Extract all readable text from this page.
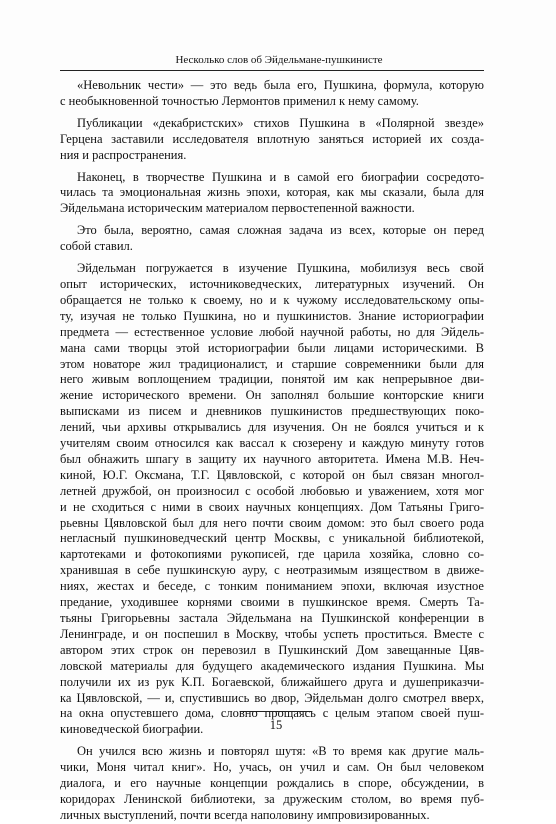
Несколько слов об Эйдельмане-пушкинисте
«Невольник чести» — это ведь была его, Пушкина, формула, которую
с необыкновенной точностью Лермонтов применил к нему самому.
Публикации «декабристских» стихов Пушкина в «Полярной звезде»
Герцена заставили исследователя вплотную заняться историей их созда-
ния и распространения.
Наконец, в творчестве Пушкина и в самой его биографии сосредото-
чилась та эмоциональная жизнь эпохи, которая, как мы сказали, была для
Эйдельмана историческим материалом первостепенной важности.
Это была, вероятно, самая сложная задача из всех, которые он перед
собой ставил.
Эйдельман погружается в изучение Пушкина, мобилизуя весь свой
опыт исторических, источниковедческих, литературных изучений. Он
обращается не только к своему, но и к чужому исследовательскому опы-
ту, изучая не только Пушкина, но и пушкинистов. Знание историографии
предмета — естественное условие любой научной работы, но для Эйдель-
мана сами творцы этой историографии были лицами историческими. В
этом новаторе жил традиционалист, и старшие современники были для
него живым воплощением традиции, понятой им как непрерывное дви-
жение исторического времени. Он заполнял большие конторские книги
выписками из писем и дневников пушкинистов предшествующих поко-
лений, чьи архивы открывались для изучения. Он не боялся учиться и к
учителям своим относился как вассал к сюзерену и каждую минуту готов
был обнажить шпагу в защиту их научного авторитета. Имена М.В. Неч-
киной, Ю.Г. Оксмана, Т.Г. Цявловской, с которой он был связан многол-
летней дружбой, он произносил с особой любовью и уважением, хотя мог
и не сходиться с ними в своих научных концепциях. Дом Татьяны Григо-
рьевны Цявловской был для него почти своим домом: это был своего рода
негласный пушкиноведческий центр Москвы, с уникальной библиотекой,
картотеками и фотокопиями рукописей, где царила хозяйка, словно со-
хранившая в себе пушкинскую ауру, с неотразимым изяществом в движе-
ниях, жестах и беседе, с тонким пониманием эпохи, включая изустное
предание, уходившее корнями своими в пушкинское время. Смерть Та-
тьяны Григорьевны застала Эйдельмана на Пушкинской конференции в
Ленинграде, и он поспешил в Москву, чтобы успеть проститься. Вместе с
автором этих строк он перевозил в Пушкинский Дом завещанные Цяв-
ловской материалы для будущего академического издания Пушкина. Мы
получили их из рук К.П. Богаевской, ближайшего друга и душеприказчи-
ка Цявловской, — и, спустившись во двор, Эйдельман долго смотрел вверх,
на окна опустевшего дома, словно прощаясь с целым этапом своей пуш-
киноведческой биографии.
Он учился всю жизнь и повторял шутя: «В то время как другие маль-
чики, Моня читал книг». Но, учась, он учил и сам. Он был человеком
диалога, и его научные концепции рождались в споре, обсуждении, в
коридорах Ленинской библиотеки, за дружеским столом, во время пуб-
личных выступлений, почти всегда наполовину импровизированных.
15
